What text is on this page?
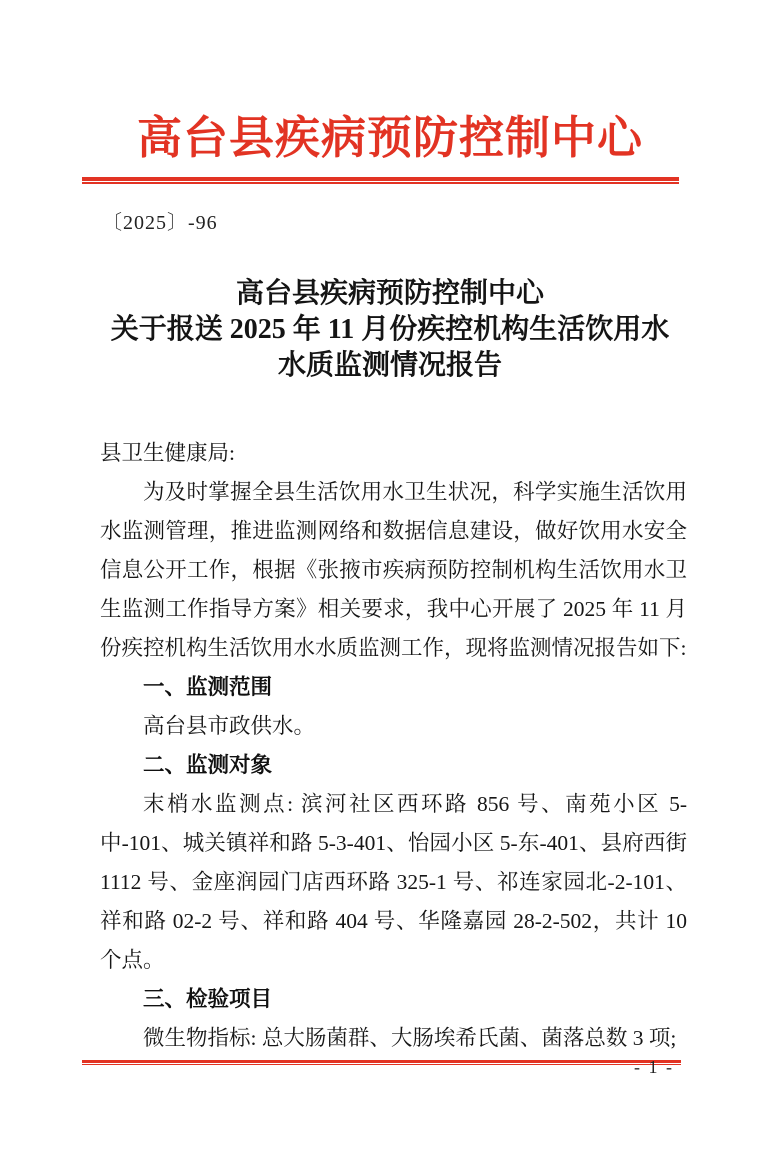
高台县疾病预防控制中心
〔2025〕-96
高台县疾病预防控制中心
关于报送 2025 年 11 月份疾控机构生活饮用水
水质监测情况报告

县卫生健康局:

为及时掌握全县生活饮用水卫生状况，科学实施生活饮用水监测管理，推进监测网络和数据信息建设，做好饮用水安全信息公开工作，根据《张掖市疾病预防控制机构生活饮用水卫生监测工作指导方案》相关要求，我中心开展了 2025 年 11 月份疾控机构生活饮用水水质监测工作，现将监测情况报告如下:

一、监测范围

高台县市政供水。

二、监测对象

末梢水监测点: 滨河社区西环路 856 号、南苑小区 5-中-101、城关镇祥和路 5-3-401、怡园小区 5-东-401、县府西街 1112 号、金座润园门店西环路 325-1 号、祁连家园北-2-101、祥和路 02-2 号、祥和路 404 号、华隆嘉园 28-2-502，共计 10 个点。

三、检验项目

微生物指标: 总大肠菌群、大肠埃希氏菌、菌落总数 3 项;

- 1 -
